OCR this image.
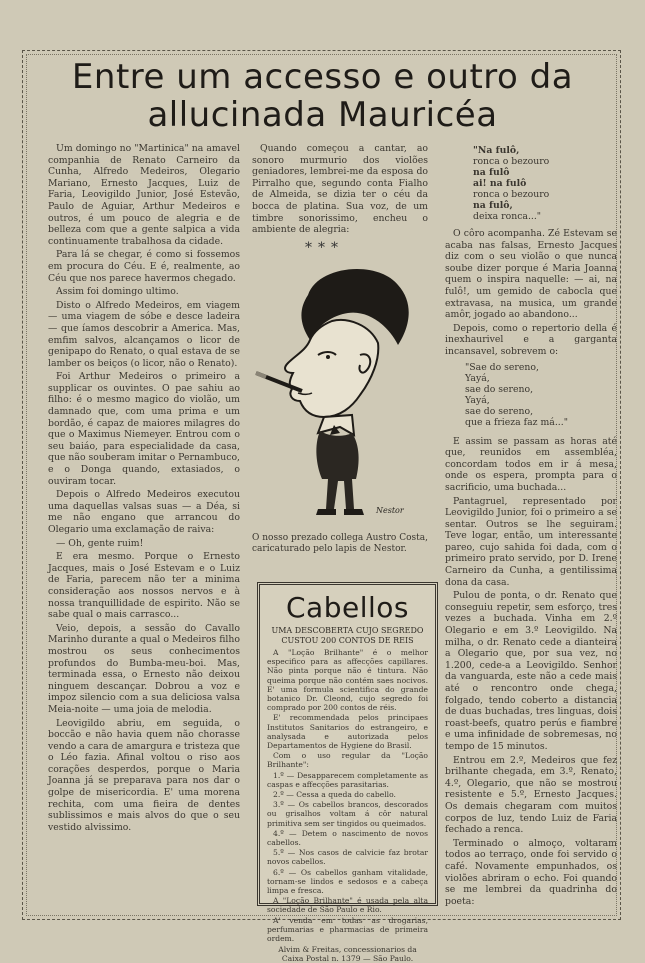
Entre um accesso e outro da
allucinada Mauricéa

Um domingo no "Martinica" na amavel companhia de Renato Carneiro da Cunha, Alfredo Medeiros, Olegario Mariano, Ernesto Jacques, Luiz de Faria, Leovigildo Junior, José Estevão, Paulo de Aguiar, Arthur Medeiros e outros, é um pouco de alegria e de belleza com que a gente salpica a vida continuamente trabalhosa da cidade.

Para lá se chegar, é como si fossemos em procura do Céu. E é, realmente, ao Céu que nos parece havermos chegado.

Assim foi domingo ultimo.

Disto o Alfredo Medeiros, em viagem — uma viagem de sóbe e desce ladeira — que íamos descobrir a America. Mas, emfim salvos, alcançamos o licor de genipapo do Renato, o qual estava de se lamber os beiços (o licor, não o Renato).

Foi Arthur Medeiros o primeiro a supplicar os ouvintes. O pae sahiu ao filho: é o mesmo magico do violão, um damnado que, com uma prima e um bordão, é capaz de maiores milagres do que o Maximus Niemeyer. Entrou com o seu baiáo, para especialidade da casa, que não souberam imitar o Pernambuco, e o Donga quando, extasiados, o ouviram tocar.

Depois o Alfredo Medeiros executou uma daquellas valsas suas — a Déa, si me não engano que arrancou do Olegario uma exclamação de raiva:

— Oh, gente ruim!

E era mesmo. Porque o Ernesto Jacques, mais o José Estevam e o Luiz de Faria, parecem não ter a minima consideração aos nossos nervos e à nossa tranquillidade de espirito. Não se sabe qual o mais carrasco...

Veio, depois, a sessão do Cavallo Marinho durante a qual o Medeiros filho mostrou os seus conhecimentos profundos do Bumba-meu-boi. Mas, terminada essa, o Ernesto não deixou ninguem descançar. Dobrou a voz e impoz silencio com a sua deliciosa valsa Meia-noite — uma joia de melodia.

Leovigildo abriu, em seguida, o boccão e não havia quem não chorasse vendo a cara de amargura e tristeza que o Léo fazia. Afinal voltou o riso aos corações desperdos, porque o Maria Joanna já se preparava para nos dar o golpe de misericordia. E' uma morena rechita, com uma fieira de dentes sublissimos e mais alvos do que o seu vestido alvissimo.

Quando começou a cantar, ao sonoro murmurio dos violões geniadores, lembrei-me da esposa do Pirralho que, segundo conta Fialho de Almeida, se dizia ter o céu da bocca de platina. Sua voz, de um timbre sonorissimo, encheu o ambiente de alegria:

***
Nestor
O nosso prezado collega Austro Costa, caricaturado pelo lapis de Nestor.
"Na fulô,
ronca o bezouro
na fulô
ai! na fulô
ronca o bezouro
na fulô,
deixa ronca..."

O côro acompanha. Zé Estevam se acaba nas falsas, Ernesto Jacques diz com o seu violão o que nunca soube dizer porque é Maria Joanna quem o inspira naquelle: — ai, na fulô!, um gemido de cabocla que extravasa, na musica, um grande amôr, jogado ao abandono...

Depois, como o repertorio della é inexhaurivel e a garganta incansavel, sobrevem o:

"Sae do sereno,
Yayá,
sae do sereno,
Yayá,
sae do sereno,
que a frieza faz má..."

E assim se passam as horas até que, reunidos em assembléa, concordam todos em ir á mesa, onde os espera, prompta para o sacrificio, uma buchada...

Pantagruel, representado por Leovigildo Junior, foi o primeiro a se sentar. Outros se lhe seguiram. Teve logar, então, um interessante pareo, cujo sahida foi dada, com o primeiro prato servido, por D. Irene Carneiro da Cunha, a gentilissima dona da casa.

Pulou de ponta, o dr. Renato que conseguiu repetir, sem esforço, tres vezes a buchada. Vinha em 2.º Olegario e em 3.º Leovigildo. Na milha, o dr. Renato cede a dianteira a Olegario que, por sua vez, no 1.200, cede-a a Leovigildo. Senhor da vanguarda, este não a cede mais até o rencontro onde chega, folgado, tendo coberto a distancia de duas buchadas, tres linguas, dois roast-beefs, quatro perús e fiambre e uma infinidade de sobremesas, no tempo de 15 minutos.

Entrou em 2.º, Medeiros que fez brilhante chegada, em 3.º, Renato, 4.º, Olegario, que não se mostrou resistente e 5.º, Ernesto Jacques. Os demais chegaram com muitos corpos de luz, tendo Luiz de Faria fechado a renca.

Terminado o almoço, voltaram todos ao terraço, onde foi servido o café. Novamente empunhados, os violões abriram o echo. Foi quando se me lembrei da quadrinha do poeta:

Cabellos
UMA DESCOBERTA CUJO SEGREDO CUSTOU 200 CONTOS DE REIS

A "Loção Brilhante" é o melhor especifico para as affecções capillares. Não pinta porque não é tintura. Não queima porque não contém saes nocivos. E' uma formula scientifica do grande botanico Dr. Cleond, cujo segredo foi comprado por 200 contos de réis.

E' recommendada pelos principaes Institutos Sanitarios do estrangeiro, e analysada e autorizada pelos Departamentos de Hygiene do Brasil.

Com o uso regular da "Loção Brilhante":

1.º — Desapparecem completamente as caspas e affecções parasitarias.

2.º — Cessa a queda do cabello.

3.º — Os cabellos brancos, descorados ou grisalhos voltam á côr natural primitiva sem ser tingidos ou queimados.

4.º — Detem o nascimento de novos cabellos.

5.º — Nos casos de calvicie faz brotar novos cabellos.

6.º — Os cabellos ganham vitalidade, tornam-se lindos e sedosos e a cabeça limpa e fresca.

A "Loção Brilhante" é usada pela alta sociedade de São Paulo e Rio.

A' venda em todas as drogarias, perfumarias e pharmacias de primeira ordem.

Alvim & Freitas, concessionarios da Caixa Postal n. 1379 — São Paulo.
